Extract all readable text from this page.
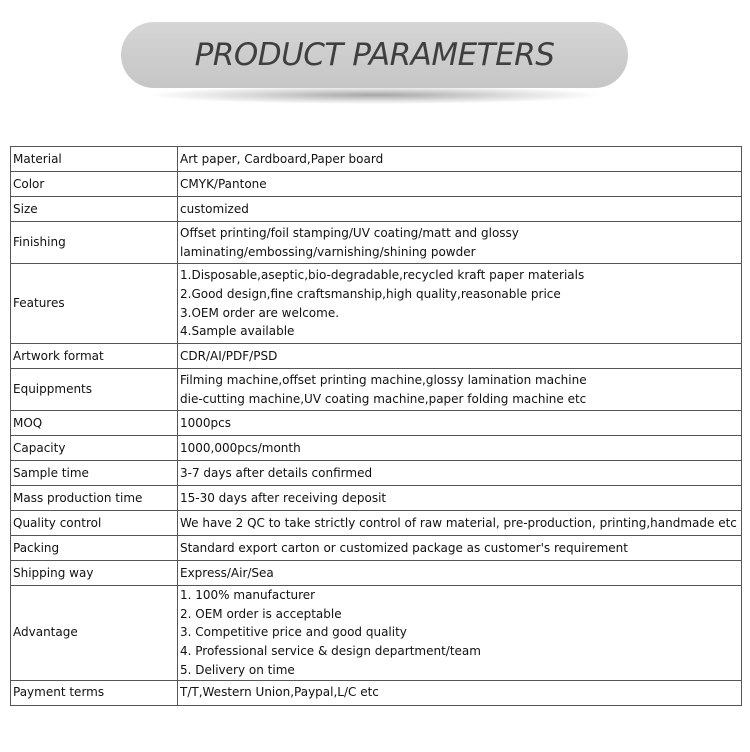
PRODUCT PARAMETERS
Material	Art paper, Cardboard,Paper board

Color	CMYK/Pantone

Size	customized

Finishing	Offset printing/foil stamping/UV coating/matt and glossy
laminating/embossing/varnishing/shining powder

Features	1.Disposable,aseptic,bio-degradable,recycled kraft paper materials
2.Good design,fine craftsmanship,high quality,reasonable price
3.OEM order are welcome.
4.Sample available

Artwork format	CDR/AI/PDF/PSD

Equippments	Filming machine,offset printing machine,glossy lamination machine
die-cutting machine,UV coating machine,paper folding machine etc

MOQ	1000pcs

Capacity	1000,000pcs/month

Sample time	3-7 days after details confirmed

Mass production time	15-30 days after receiving deposit

Quality control	We have 2 QC to take strictly control of raw material, pre-production, printing,handmade etc

Packing	Standard export carton or customized package as customer's requirement

Shipping way	Express/Air/Sea

Advantage	1. 100% manufacturer
2. OEM order is acceptable
3. Competitive price and good quality
4. Professional service & design department/team
5. Delivery on time

Payment terms	T/T,Western Union,Paypal,L/C etc
